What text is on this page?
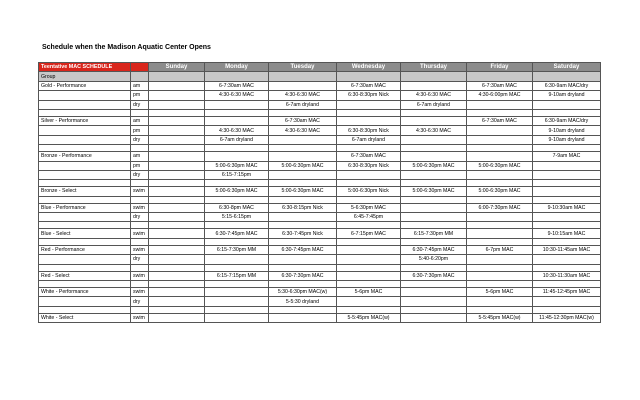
Schedule when the Madison Aquatic Center Opens
Teentative MAC SCHEDULE		Sunday	Monday	Tuesday	Wednesday	Thursday	Friday	Saturday
Group								
Gold - Performance	am		6-7:30am MAC		6-7:30am MAC		6-7:30am MAC	6:30-9am MAC/dry
	pm		4:30-6:30 MAC	4:30-6:30 MAC	6:30-8:30pm Nick	4:30-6:30 MAC	4:30-6:00pm MAC	9-10am dryland
	dry			6-7am dryland		6-7am dryland		

Silver - Performance	am			6-7:30am MAC			6-7:30am MAC	6:30-9am MAC/dry
	pm		4:30-6:30 MAC	4:30-6:30 MAC	6:30-8:30pm Nick	4:30-6:30 MAC		9-10am dryland
	dry		6-7am dryland		6-7am dryland			9-10am dryland

Bronze - Performance	am				6-7:30am MAC			7-9am MAC
	pm		5:00-6:30pm MAC	5:00-6:30pm MAC	6:30-8:30pm Nick	5:00-6:30pm MAC	5:00-6:30pm MAC	
	dry		6:15-7:15pm					

Bronze - Select	swim		5:00-6:30pm MAC	5:00-6:30pm MAC	5:00-6:30pm Nick	5:00-6:30pm MAC	5:00-6:30pm MAC	

Blue - Performance	swim		6:30-8pm MAC	6:30-8:15pm Nick	5-6:30pm MAC		6:00-7:30pm MAC	9-10:30am MAC
	dry		5:15-6:15pm		6:45-7:45pm			

Blue - Select	swim		6:30-7:45pm MAC	6:30-7:45pm Nick	6-7:15pm MAC	6:15-7:30pm MM		9-10:15am MAC

Red - Performance	swim		6:15-7:30pm MM	6:30-7:45pm MAC		6:30-7:45pm MAC	6-7pm MAC	10:30-11:45am MAC
	dry					5:40-6:20pm		

Red - Select	swim		6:15-7:15pm MM	6:30-7:30pm MAC		6:30-7:30pm MAC		10:30-11:30am MAC

White - Performance	swim			5:30-6:30pm MAC(w)	5-6pm MAC		5-6pm MAC	11:45-12:45pm MAC
	dry			5-5:30 dryland				

White - Select	swim				5-5:45pm MAC(w)		5-5:45pm MAC(w)	11:45-12:30pm MAC(w)
